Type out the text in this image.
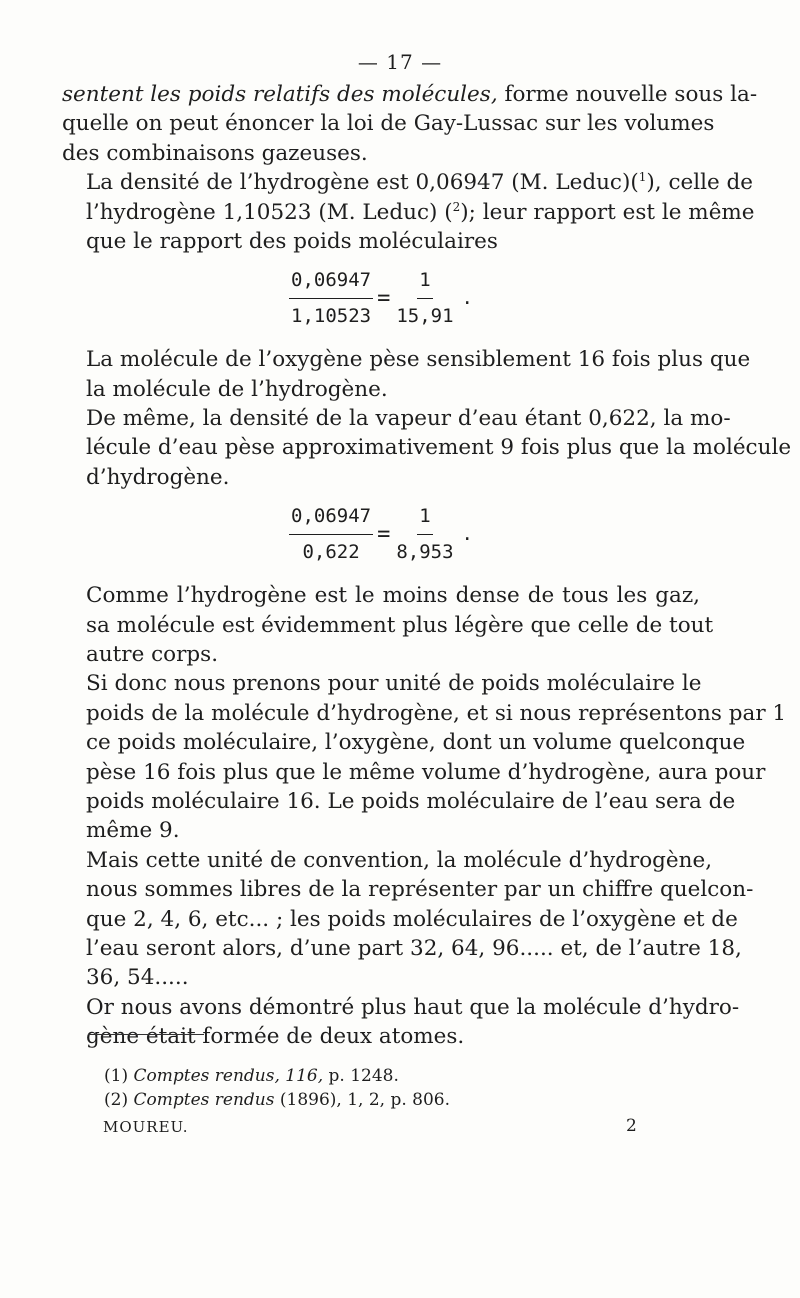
— 17 —

sentent les poids relatifs des molécules, forme nouvelle sous la-
quelle on peut énoncer la loi de Gay-Lussac sur les volumes
des combinaisons gazeuses.

La densité de l’hydrogène est 0,06947 (M. Leduc)($^1$), celle de
l’hydrogène 1,10523 (M. Leduc) ($^2$); leur rapport est le même
que le rapport des poids moléculaires

$\frac{0,06947}{1,10523} = \frac{1}{15,91}$ .

La molécule de l’oxygène pèse sensiblement 16 fois plus que
la molécule de l’hydrogène.

De même, la densité de la vapeur d’eau étant 0,622, la mo-
lécule d’eau pèse approximativement 9 fois plus que la molécule
d’hydrogène.

$\frac{0,06947}{0,622} = \frac{1}{8,953}$ .

Comme l’hydrogène est le moins dense de tous les gaz,
sa molécule est évidemment plus légère que celle de tout
autre corps.

Si donc nous prenons pour unité de poids moléculaire le
poids de la molécule d’hydrogène, et si nous représentons par 1
ce poids moléculaire, l’oxygène, dont un volume quelconque
pèse 16 fois plus que le même volume d’hydrogène, aura pour
poids moléculaire 16. Le poids moléculaire de l’eau sera de
même 9.

Mais cette unité de convention, la molécule d’hydrogène,
nous sommes libres de la représenter par un chiffre quelcon-
que 2, 4, 6, etc... ; les poids moléculaires de l’oxygène et de
l’eau seront alors, d’une part 32, 64, 96..... et, de l’autre 18,
36, 54.....

Or nous avons démontré plus haut que la molécule d’hydro-
gène était formée de deux atomes.

(1) Comptes rendus, 116, p. 1248.
(2) Comptes rendus (1896), 1, 2, p. 806.
MOUREU.	2
